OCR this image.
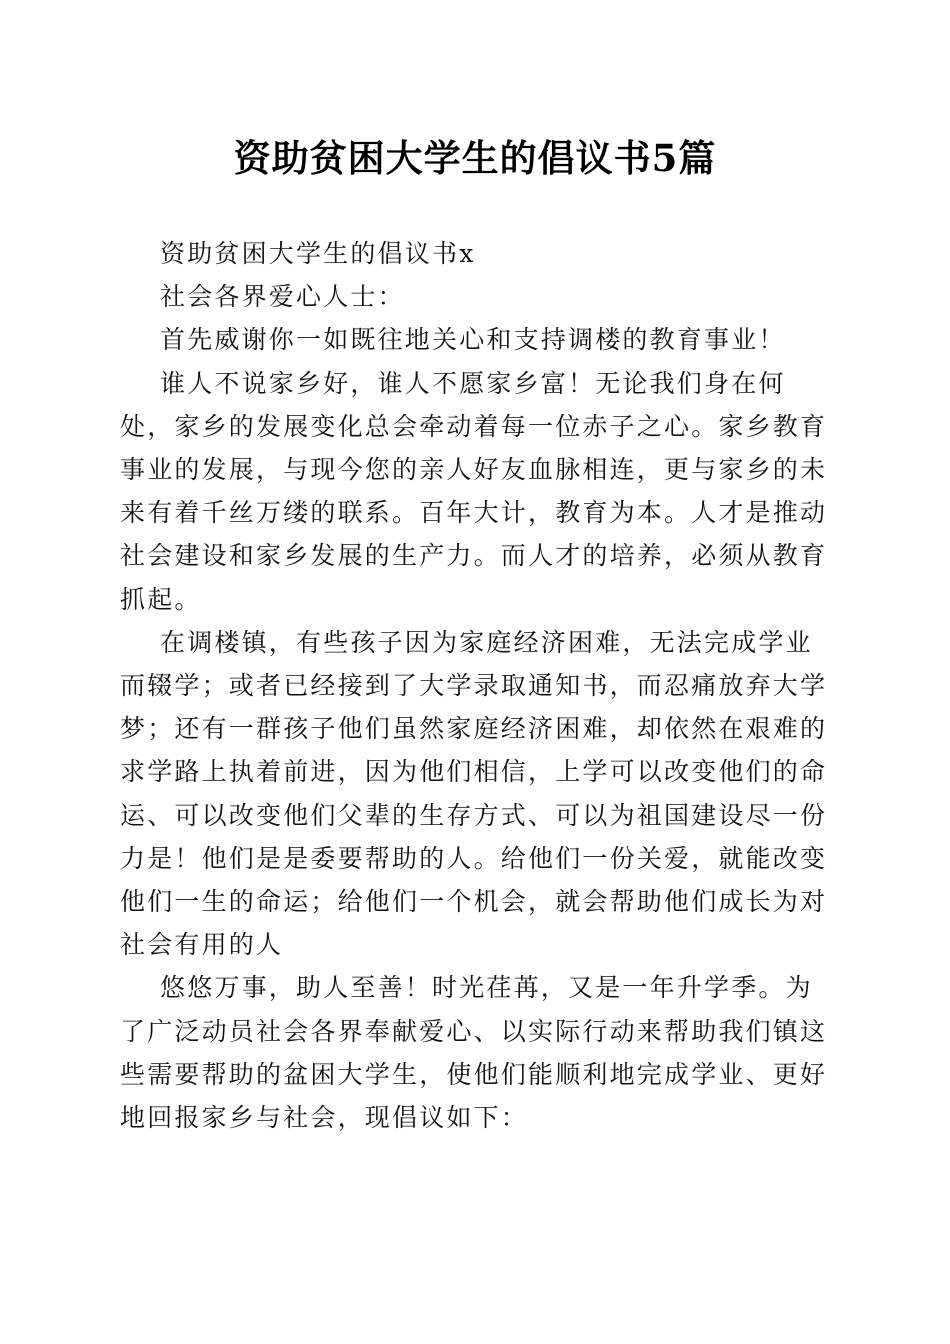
资助贫困大学生的倡议书5篇

资助贫困大学生的倡议书x

社会各界爱心人士：

首先威谢你一如既往地关心和支持调楼的教育事业！

谁人不说家乡好，谁人不愿家乡富！无论我们身在何处，家乡的发展变化总会牵动着每一位赤子之心。家乡教育事业的发展，与现今您的亲人好友血脉相连，更与家乡的未来有着千丝万缕的联系。百年大计，教育为本。人才是推动社会建设和家乡发展的生产力。而人才的培养，必须从教育抓起。

在调楼镇，有些孩子因为家庭经济困难，无法完成学业而辍学；或者已经接到了大学录取通知书，而忍痛放弃大学梦；还有一群孩子他们虽然家庭经济困难，却依然在艰难的求学路上执着前进，因为他们相信，上学可以改变他们的命运、可以改变他们父辈的生存方式、可以为祖国建设尽一份力是！他们是是委要帮助的人。给他们一份关爱，就能改变他们一生的命运；给他们一个机会，就会帮助他们成长为对社会有用的人

悠悠万事，助人至善！时光荏苒，又是一年升学季。为了广泛动员社会各界奉献爱心、以实际行动来帮助我们镇这些需要帮助的盆困大学生，使他们能顺利地完成学业、更好地回报家乡与社会，现倡议如下：
